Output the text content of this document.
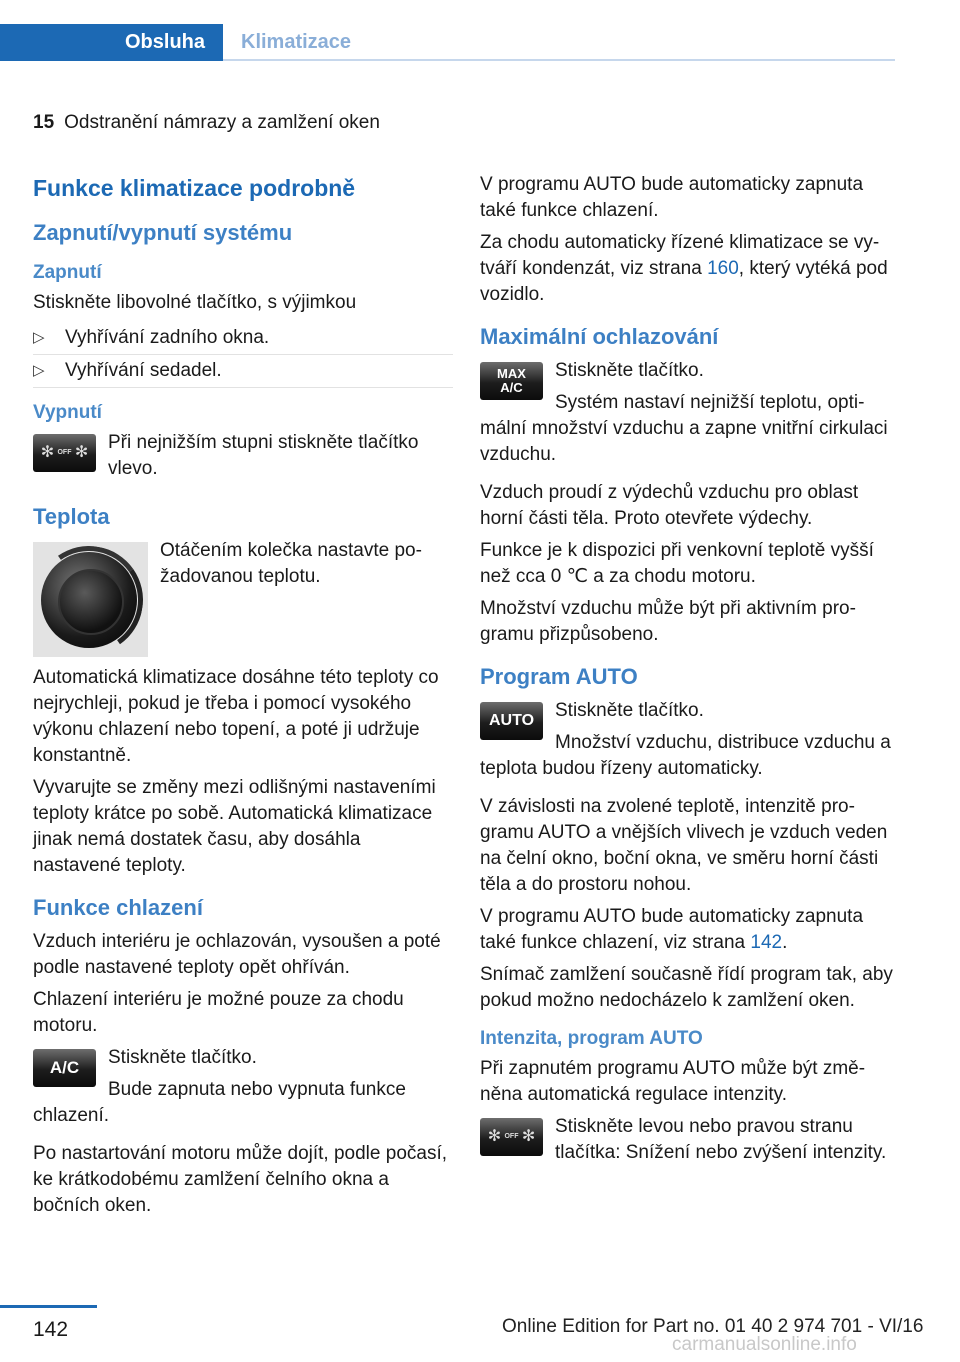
Obsluha	Klimatizace
15 Odstranění námrazy a zamlžení oken
Funkce klimatizace podrobně
Zapnutí/vypnutí systému
Zapnutí

Stiskněte libovolné tlačítko, s výjimkou

▷ Vyhřívání zadního okna.
▷ Vyhřívání sedadel.
Vypnutí
✻ OFF ✻	Při nejnižším stupni stiskněte tlačítko vlevo.

Teplota

Otáčením kolečka nastavte požadovanou teplotu.

Automatická klimatizace dosáhne této teploty co nejrychleji, pokud je třeba i pomocí vysokého výkonu chlazení nebo topení, a poté ji udržuje konstantně.

Vyvarujte se změny mezi odlišnými nastaveními teploty krátce po sobě. Automatická klimatizace jinak nemá dostatek času, aby dosáhla nastavené teploty.

Funkce chlazení

Vzduch interiéru je ochlazován, vysoušen a poté podle nastavené teploty opět ohříván.

Chlazení interiéru je možné pouze za chodu motoru.

A/C	Stiskněte tlačítko.

Bude zapnuta nebo vypnuta funkce chlazení.

Po nastartování motoru může dojít, podle počasí, ke krátkodobému zamlžení čelního okna a bočních oken.

V programu AUTO bude automaticky zapnuta také funkce chlazení.

Za chodu automaticky řízené klimatizace se vytváří kondenzát, viz strana 160, který vytéká pod vozidlo.

Maximální ochlazování
MAX A/C

Stiskněte tlačítko.

Systém nastaví nejnižší teplotu, optimální množství vzduchu a zapne vnitřní cirkulaci vzduchu.

Vzduch proudí z výdechů vzduchu pro oblast horní části těla. Proto otevřete výdechy.

Funkce je k dispozici při venkovní teplotě vyšší než cca 0 ℃ a za chodu motoru.

Množství vzduchu může být při aktivním programu přizpůsobeno.

Program AUTO
AUTO	Stiskněte tlačítko.

Množství vzduchu, distribuce vzduchu a teplota budou řízeny automaticky.

V závislosti na zvolené teplotě, intenzitě programu AUTO a vnějších vlivech je vzduch veden na čelní okno, boční okna, ve směru horní části těla a do prostoru nohou.

V programu AUTO bude automaticky zapnuta také funkce chlazení, viz strana 142.

Snímač zamlžení současně řídí program tak, aby pokud možno nedocházelo k zamlžení oken.

Intenzita, program AUTO

Při zapnutém programu AUTO může být změněna automatická regulace intenzity.

✻ OFF ✻	Stiskněte levou nebo pravou stranu tlačítka: Snížení nebo zvýšení intenzity.

142	Online Edition for Part no. 01 40 2 974 701 - VI/16
carmanualsonline.info
